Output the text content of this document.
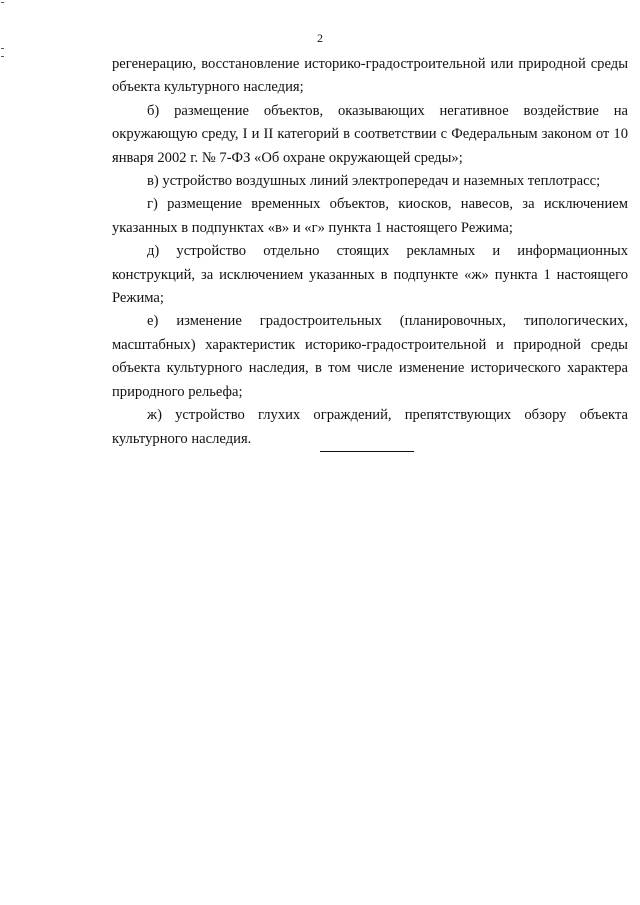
2

регенерацию, восстановление историко-градостроительной или природной среды объекта культурного наследия;

б) размещение объектов, оказывающих негативное воздействие на окружающую среду, I и II категорий в соответствии с Федеральным законом от 10 января 2002 г. № 7-ФЗ «Об охране окружающей среды»;

в) устройство воздушных линий электропередач и наземных теплотрасс;

г) размещение временных объектов, киосков, навесов, за исключением указанных в подпунктах «в» и «г» пункта 1 настоящего Режима;

д) устройство отдельно стоящих рекламных и информационных конструкций, за исключением указанных в подпункте «ж» пункта 1 настоящего Режима;

е) изменение градостроительных (планировочных, типологических, масштабных) характеристик историко-градостроительной и природной среды объекта культурного наследия, в том числе изменение исторического характера природного рельефа;

ж) устройство глухих ограждений, препятствующих обзору объекта культурного наследия.
